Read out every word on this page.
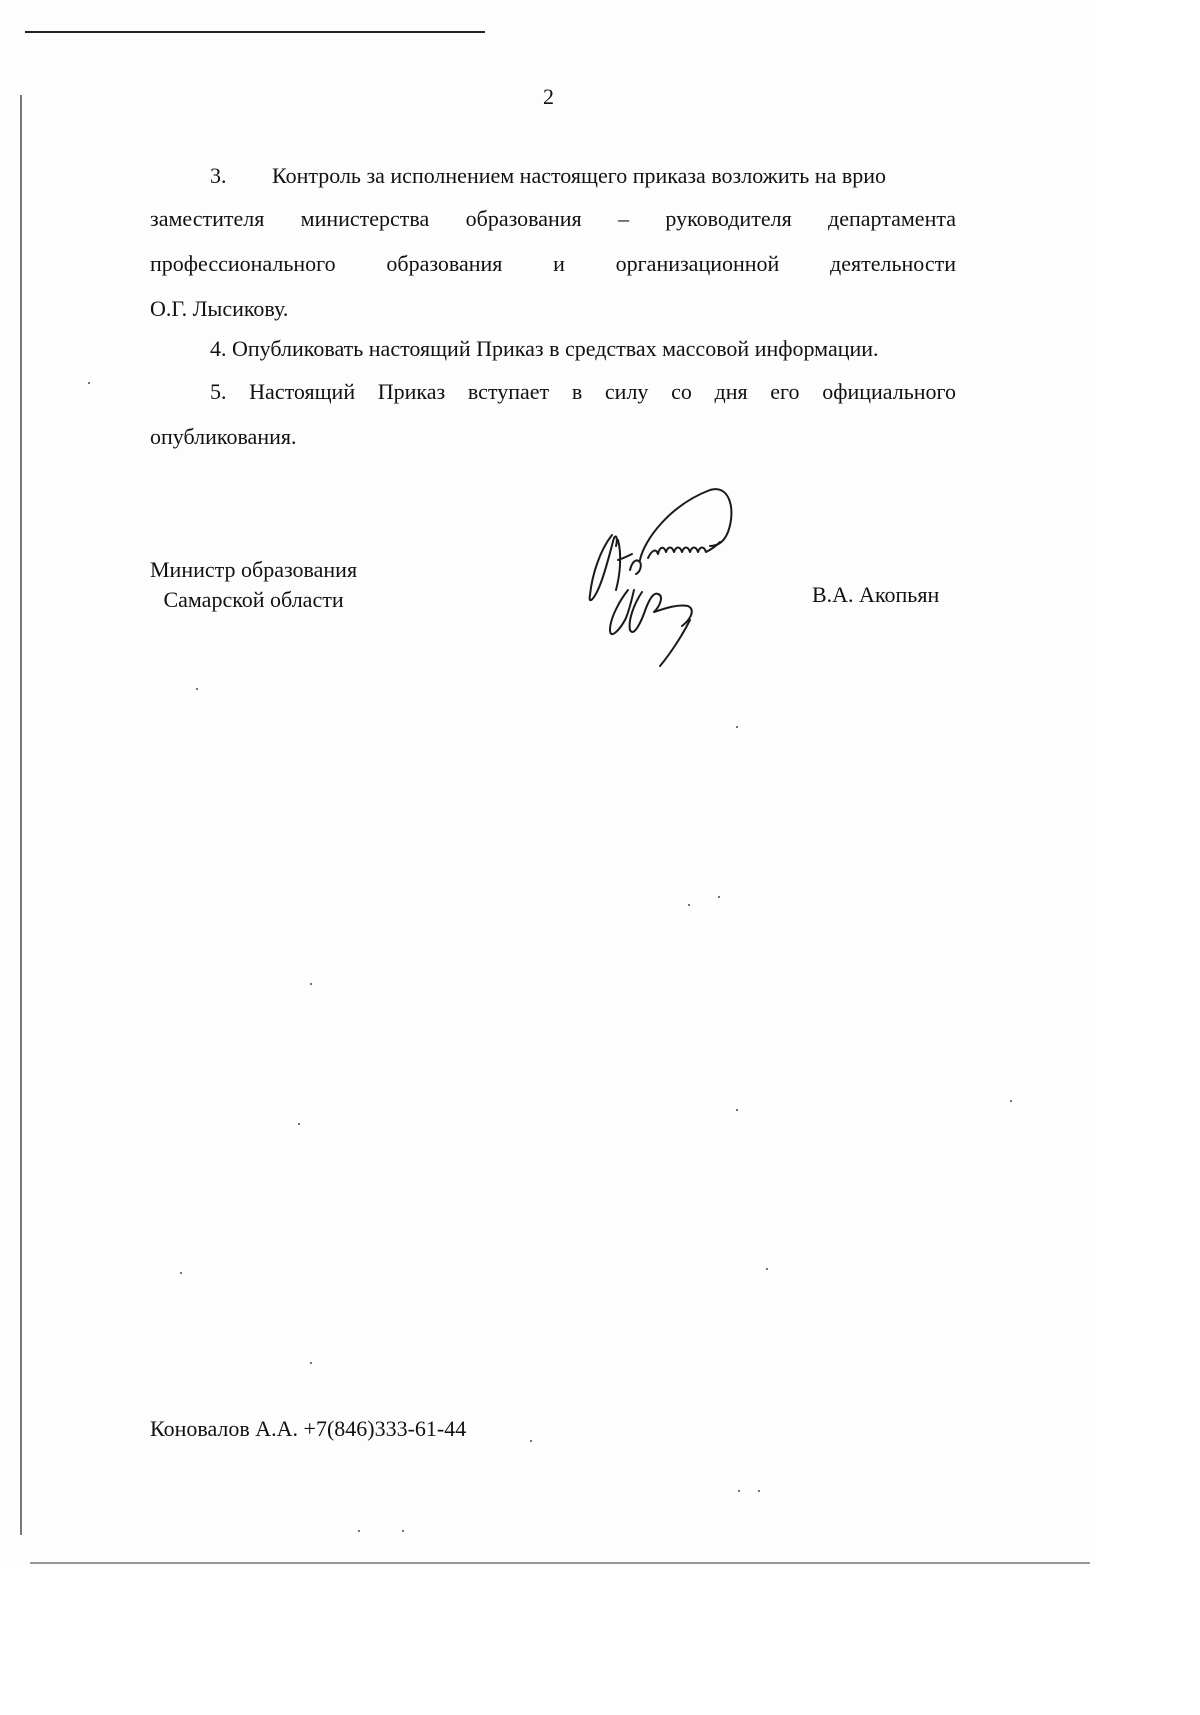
2
3. Контроль за исполнением настоящего приказа возложить на врио
заместителя министерства образования – руководителя департамента
профессионального образования и организационной деятельности
О.Г. Лысикову.
4. Опубликовать настоящий Приказ в средствах массовой информации.
5. Настоящий Приказ вступает в силу со дня его официального
опубликования.
Министр образования
Самарской области	В.А. Акопьян
Коновалов А.А. +7(846)333-61-44
